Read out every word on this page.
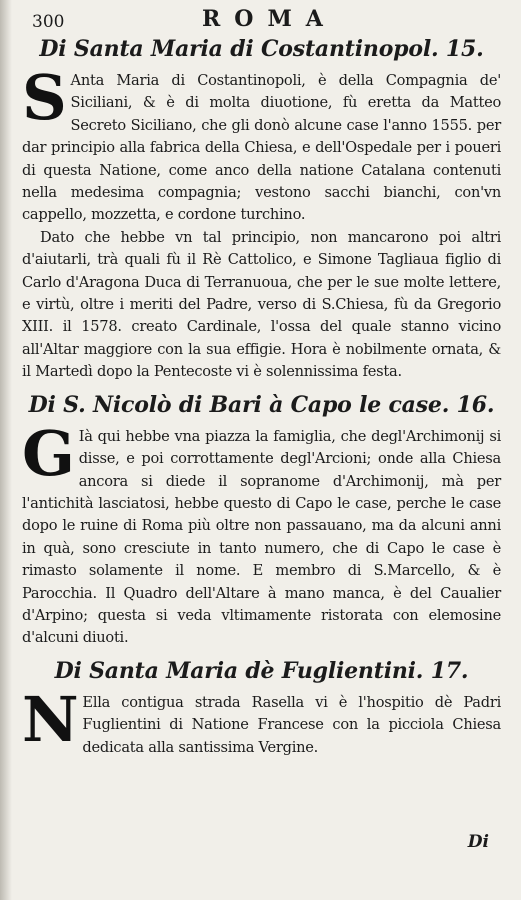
300	ROMA
Di Santa Maria di Costantinopol. 15.

S Anta Maria di Costantinopoli, è della Compagnia de' Siciliani, & è di molta diuotione, fù eretta da Matteo Secreto Siciliano, che gli donò alcune case l'anno 1555. per dar principio alla fabrica della Chiesa, e dell'Ospedale per i poueri di questa Natione, come anco della natione Catalana contenuti nella medesima compagnia; vestono sacchi bianchi, con'vn cappello, mozzetta, e cordone turchino.

Dato che hebbe vn tal principio, non mancarono poi altri d'aiutarli, trà quali fù il Rè Cattolico, e Simone Tagliaua figlio di Carlo d'Aragona Duca di Terranuoua, che per le sue molte lettere, e virtù, oltre i meriti del Padre, verso di S.Chiesa, fù da Gregorio XIII. il 1578. creato Cardinale, l'ossa del quale stanno vicino all'Altar maggiore con la sua effigie. Hora è nobilmente ornata, & il Martedì dopo la Pentecoste vi è solennissima festa.

Di S. Nicolò di Bari à Capo le case. 16.

G Ià qui hebbe vna piazza la famiglia, che degl'Archimonij si disse, e poi corrottamente degl'Arcioni; onde alla Chiesa ancora si diede il sopranome d'Archimonij, mà per l'antichità lasciatosi, hebbe questo di Capo le case, perche le case dopo le ruine di Roma più oltre non passauano, ma da alcuni anni in quà, sono cresciute in tanto numero, che di Capo le case è rimasto solamente il nome. E membro di S.Marcello, & è Parocchia. Il Quadro dell'Altare à mano manca, è del Caualier d'Arpino; questa si veda vltimamente ristorata con elemosine d'alcuni diuoti.

Di Santa Maria dè Fuglientini. 17.

N Ella contigua strada Rasella vi è l'hospitio dè Padri Fuglientini di Natione Francese con la picciola Chiesa dedicata alla santissima Vergine.

Di
